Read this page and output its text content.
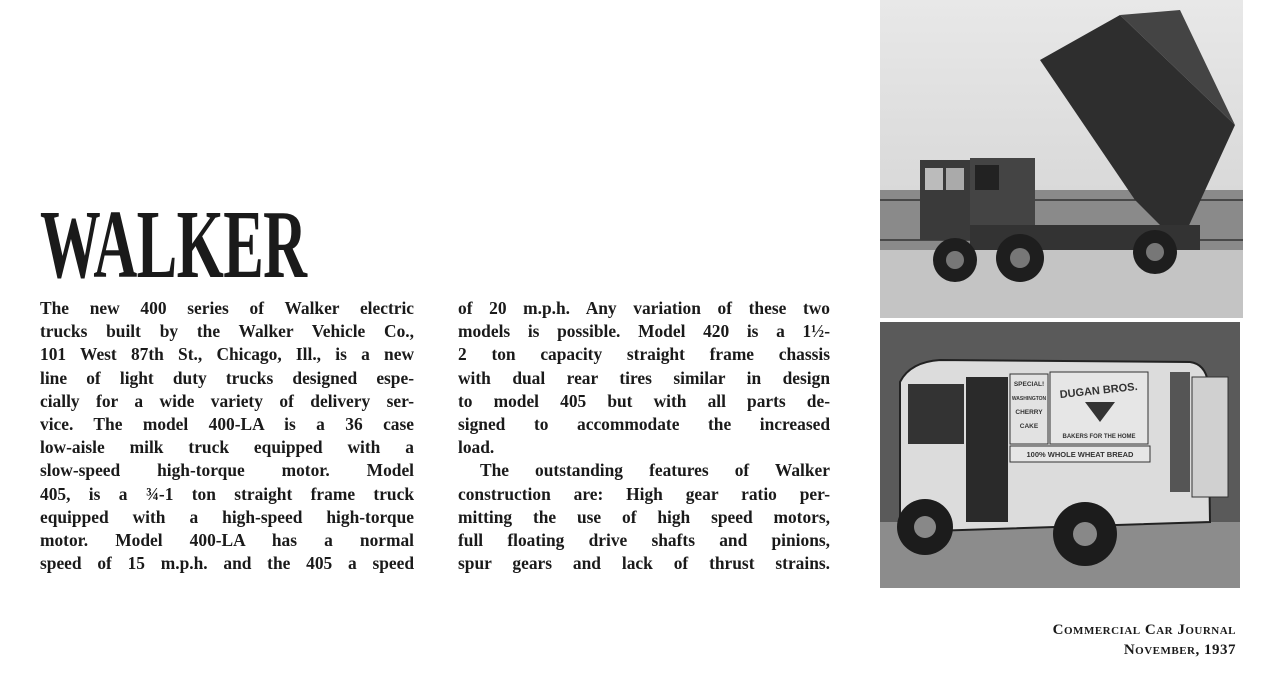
WALKER
The new 400 series of Walker electric
trucks built by the Walker Vehicle Co.,
101 West 87th St., Chicago, Ill., is a new
line of light duty trucks designed espe-
cially for a wide variety of delivery ser-
vice. The model 400-LA is a 36 case
low-aisle milk truck equipped with a
slow-speed high-torque motor. Model
405, is a ¾-1 ton straight frame truck
equipped with a high-speed high-torque
motor. Model 400-LA has a normal
speed of 15 m.p.h. and the 405 a speed
of 20 m.p.h. Any variation of these two
models is possible. Model 420 is a 1½-
2 ton capacity straight frame chassis
with dual rear tires similar in design
to model 405 but with all parts de-
signed to accommodate the increased
load.
The outstanding features of Walker
construction are: High gear ratio per-
mitting the use of high speed motors,
full floating drive shafts and pinions,
spur gears and lack of thrust strains.
SPECIAL!
WASHINGTON
CHERRY
CAKE
DUGAN BROS.
BAKERS FOR THE HOME
100% WHOLE WHEAT BREAD
Commercial Car Journal
November, 1937
